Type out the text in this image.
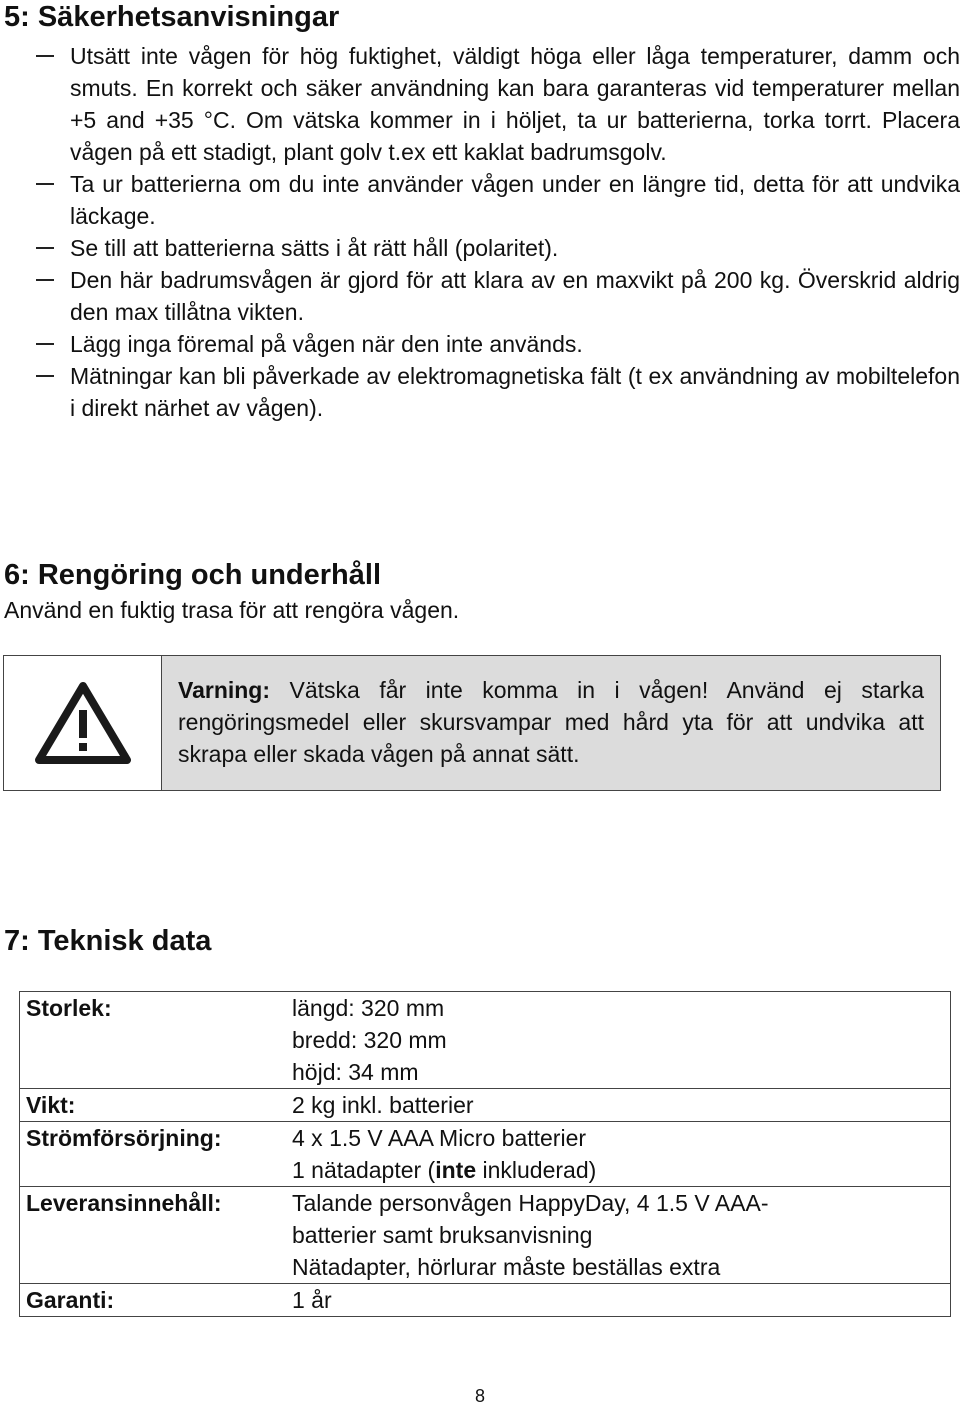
5: Säkerhetsanvisningar
Utsätt inte vågen för hög fuktighet, väldigt höga eller låga temperaturer, damm och smuts. En korrekt och säker användning kan bara garanteras vid temperaturer mellan +5 and +35 °C. Om vätska kommer in i höljet, ta ur batterierna, torka torrt. Placera vågen på ett stadigt, plant golv t.ex ett kaklat badrumsgolv.
Ta ur batterierna om du inte använder vågen under en längre tid, detta för att undvika läckage.
Se till att batterierna sätts i åt rätt håll (polaritet).
Den här badrumsvågen är gjord för att klara av en maxvikt på 200 kg. Överskrid aldrig den max tillåtna vikten.
Lägg inga föremal på vågen när den inte används.
Mätningar kan bli påverkade av elektromagnetiska fält (t ex användning av mobiltelefon i direkt närhet av vågen).
6: Rengöring och underhåll

Använd en fuktig trasa för att rengöra vågen.

Varning: Vätska får inte komma in i vågen! Använd ej starka rengöringsmedel eller skursvampar med hård yta för att undvika att skrapa eller skada vågen på annat sätt.
7: Teknisk data
Storlek:	längd: 320 mm
bredd: 320 mm
höjd: 34 mm

Vikt:	2 kg inkl. batterier

Strömförsörjning:	4 x 1.5 V AAA Micro batterier
1 nätadapter (inte inkluderad)

Leveransinnehåll:	Talande personvågen HappyDay, 4 1.5 V AAA-
batterier samt bruksanvisning
Nätadapter, hörlurar måste beställas extra

Garanti:	1 år
8
